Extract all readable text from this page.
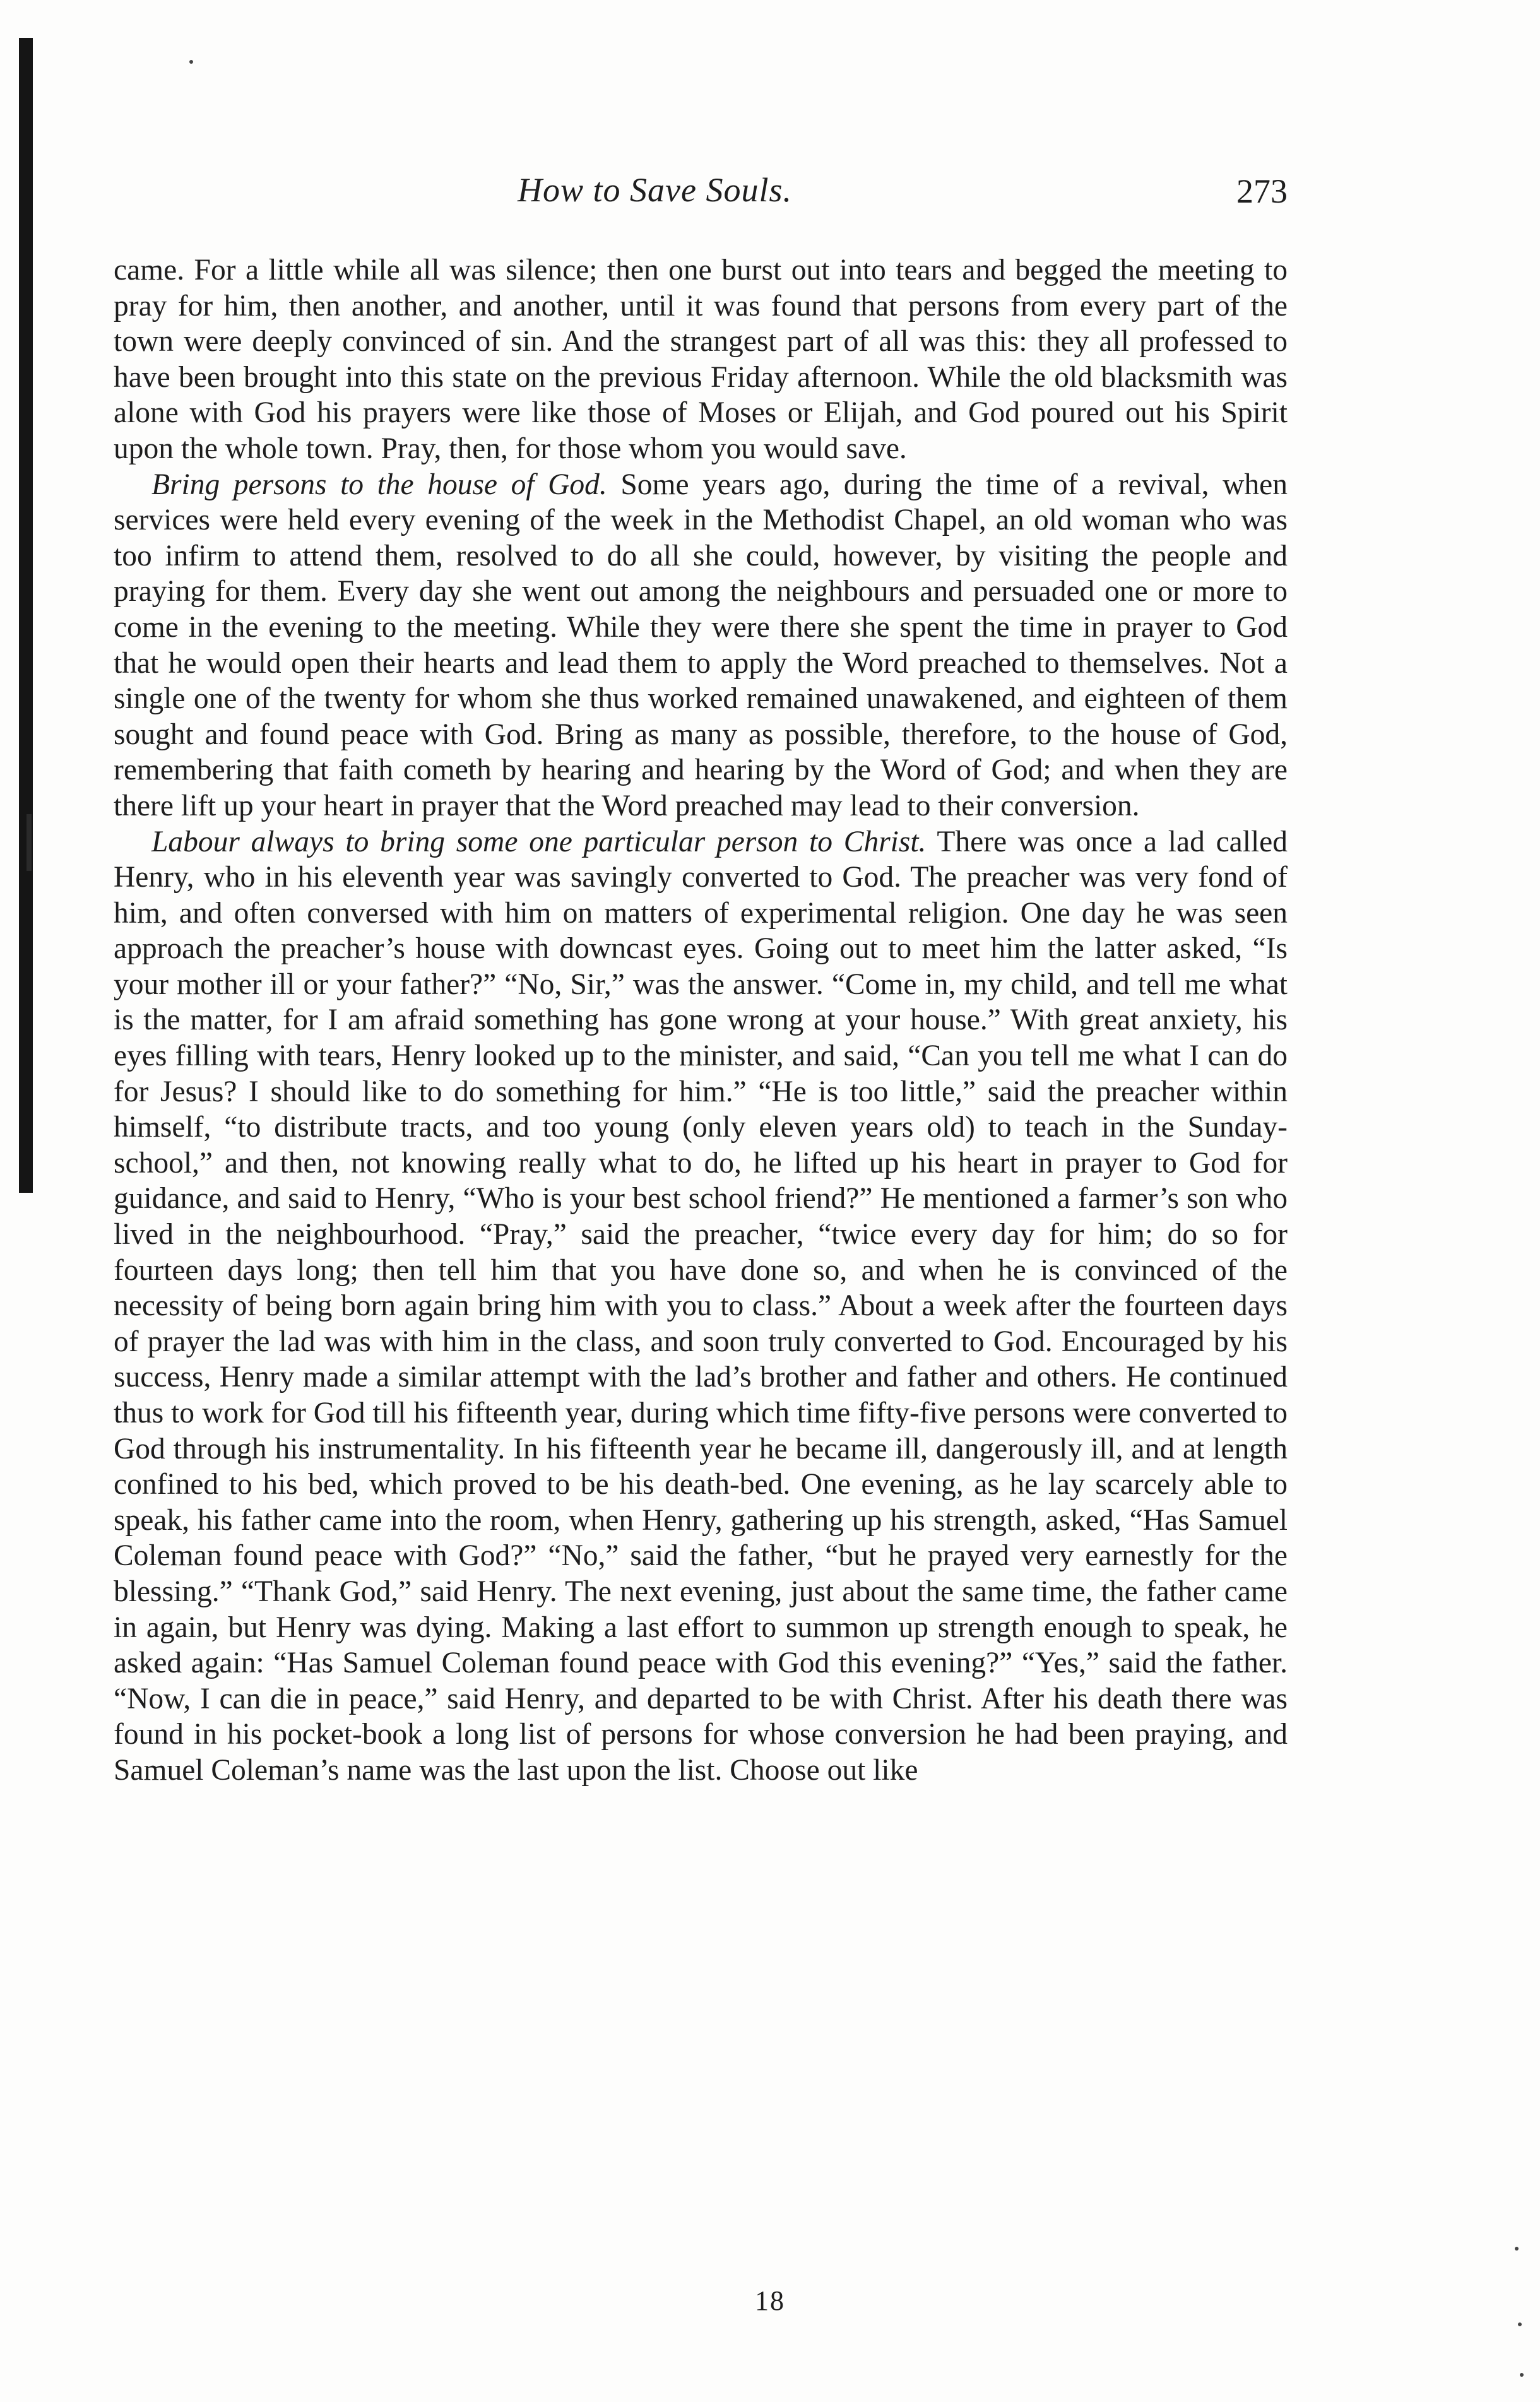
How to Save Souls.	273

came. For a little while all was silence; then one burst out into tears and begged the meeting to pray for him, then another, and another, until it was found that persons from every part of the town were deeply convinced of sin. And the strangest part of all was this: they all professed to have been brought into this state on the previous Friday afternoon. While the old blacksmith was alone with God his prayers were like those of Moses or Elijah, and God poured out his Spirit upon the whole town. Pray, then, for those whom you would save.

Bring persons to the house of God. Some years ago, during the time of a revival, when services were held every evening of the week in the Methodist Chapel, an old woman who was too infirm to attend them, resolved to do all she could, however, by visiting the people and praying for them. Every day she went out among the neighbours and persuaded one or more to come in the evening to the meeting. While they were there she spent the time in prayer to God that he would open their hearts and lead them to apply the Word preached to themselves. Not a single one of the twenty for whom she thus worked remained unawakened, and eighteen of them sought and found peace with God. Bring as many as possible, therefore, to the house of God, remembering that faith cometh by hearing and hearing by the Word of God; and when they are there lift up your heart in prayer that the Word preached may lead to their conversion.

Labour always to bring some one particular person to Christ. There was once a lad called Henry, who in his eleventh year was savingly converted to God. The preacher was very fond of him, and often conversed with him on matters of experimental religion. One day he was seen approach the preacher’s house with downcast eyes. Going out to meet him the latter asked, “Is your mother ill or your father?” “No, Sir,” was the answer. “Come in, my child, and tell me what is the matter, for I am afraid something has gone wrong at your house.” With great anxiety, his eyes filling with tears, Henry looked up to the minister, and said, “Can you tell me what I can do for Jesus? I should like to do something for him.” “He is too little,” said the preacher within himself, “to distribute tracts, and too young (only eleven years old) to teach in the Sunday-school,” and then, not knowing really what to do, he lifted up his heart in prayer to God for guidance, and said to Henry, “Who is your best school friend?” He mentioned a farmer’s son who lived in the neighbourhood. “Pray,” said the preacher, “twice every day for him; do so for fourteen days long; then tell him that you have done so, and when he is convinced of the necessity of being born again bring him with you to class.” About a week after the fourteen days of prayer the lad was with him in the class, and soon truly converted to God. Encouraged by his success, Henry made a similar attempt with the lad’s brother and father and others. He continued thus to work for God till his fifteenth year, during which time fifty-five persons were converted to God through his instrumentality. In his fifteenth year he became ill, dangerously ill, and at length confined to his bed, which proved to be his death-bed. One evening, as he lay scarcely able to speak, his father came into the room, when Henry, gathering up his strength, asked, “Has Samuel Coleman found peace with God?” “No,” said the father, “but he prayed very earnestly for the blessing.” “Thank God,” said Henry. The next evening, just about the same time, the father came in again, but Henry was dying. Making a last effort to summon up strength enough to speak, he asked again: “Has Samuel Coleman found peace with God this evening?” “Yes,” said the father. “Now, I can die in peace,” said Henry, and departed to be with Christ. After his death there was found in his pocket-book a long list of persons for whose conversion he had been praying, and Samuel Coleman’s name was the last upon the list. Choose out like

18
